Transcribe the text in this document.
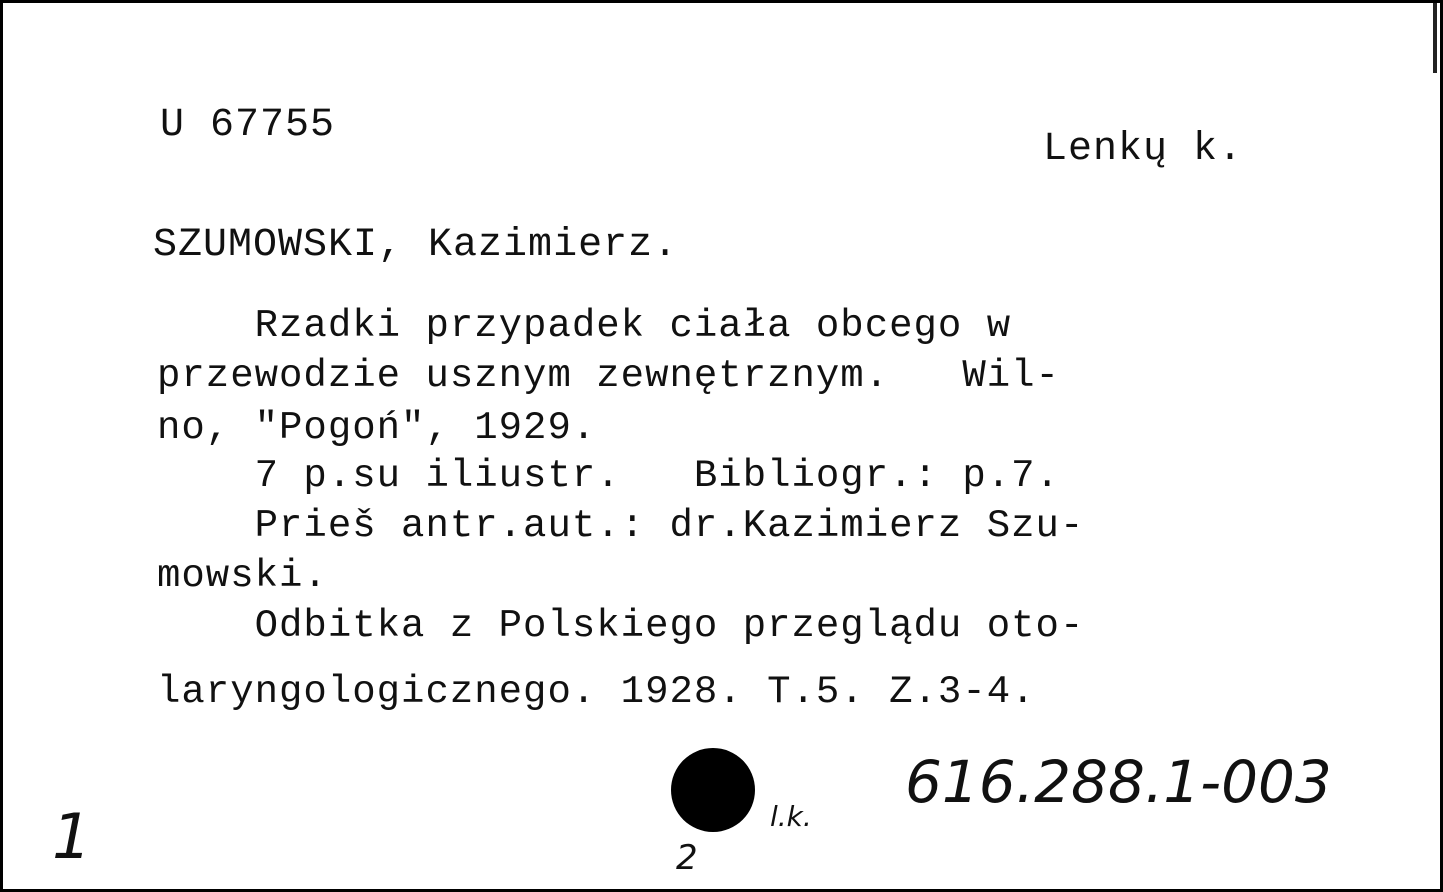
U 67755
Lenkų k.
SZUMOWSKI, Kazimierz.
Rzadki przypadek ciała obcego w
przewodzie usznym zewnętrznym.   Wil-
no, "Pogoń", 1929.
7 p.su iliustr.   Bibliogr.: p.7.
Prieš antr.aut.: dr.Kazimierz Szu-
mowski.
Odbitka z Polskiego przeglądu oto-
laryngologicznego. 1928. T.5. Z.3-4.
l.k.
616.288.1-003
1	2
